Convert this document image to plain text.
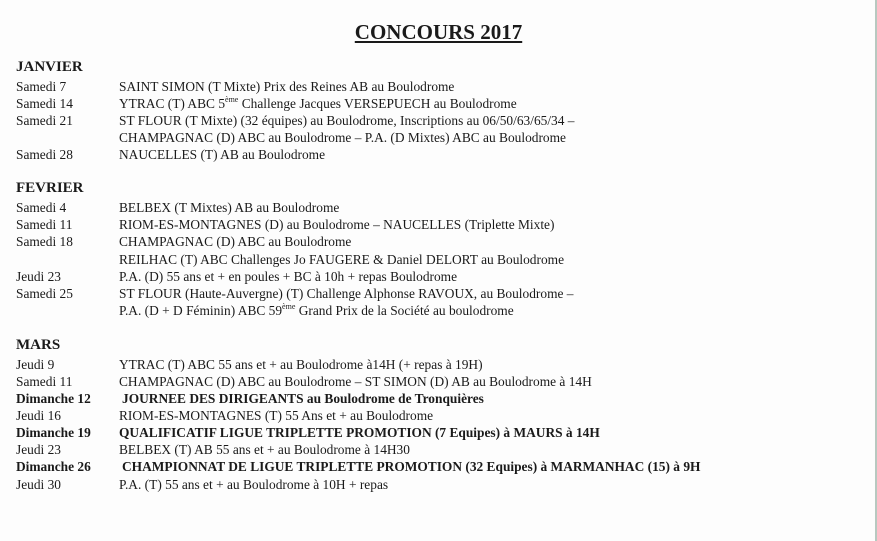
CONCOURS 2017
JANVIER
Samedi 7	SAINT SIMON (T Mixte) Prix des Reines AB au Boulodrome
Samedi 14	YTRAC (T) ABC 5ème Challenge Jacques VERSEPUECH au Boulodrome
Samedi 21	ST FLOUR (T Mixte) (32 équipes) au Boulodrome, Inscriptions au 06/50/63/65/34 –
CHAMPAGNAC (D) ABC au Boulodrome – P.A. (D Mixtes) ABC au Boulodrome
Samedi 28	NAUCELLES (T) AB au Boulodrome
FEVRIER
Samedi 4	BELBEX (T Mixtes) AB au Boulodrome
Samedi 11	RIOM-ES-MONTAGNES (D) au Boulodrome – NAUCELLES (Triplette Mixte)
Samedi 18	CHAMPAGNAC (D) ABC au Boulodrome
REILHAC (T) ABC Challenges Jo FAUGERE & Daniel DELORT au Boulodrome
Jeudi 23	P.A. (D) 55 ans et + en poules + BC à 10h + repas Boulodrome
Samedi 25	ST FLOUR (Haute-Auvergne) (T) Challenge Alphonse RAVOUX, au Boulodrome –
P.A. (D + D Féminin) ABC 59ème Grand Prix de la Société au boulodrome
MARS
Jeudi 9	YTRAC (T) ABC 55 ans et + au Boulodrome à14H (+ repas à 19H)
Samedi 11	CHAMPAGNAC (D) ABC au Boulodrome – ST SIMON (D) AB au Boulodrome à 14H
Dimanche 12	JOURNEE DES DIRIGEANTS au Boulodrome de Tronquières
Jeudi 16	RIOM-ES-MONTAGNES (T) 55 Ans et + au Boulodrome
Dimanche 19	QUALIFICATIF LIGUE TRIPLETTE PROMOTION (7 Equipes) à MAURS à 14H
Jeudi 23	BELBEX (T) AB 55 ans et + au Boulodrome à 14H30
Dimanche 26	CHAMPIONNAT DE LIGUE TRIPLETTE PROMOTION (32 Equipes) à MARMANHAC (15) à 9H
Jeudi 30	P.A. (T) 55 ans et + au Boulodrome à 10H + repas
